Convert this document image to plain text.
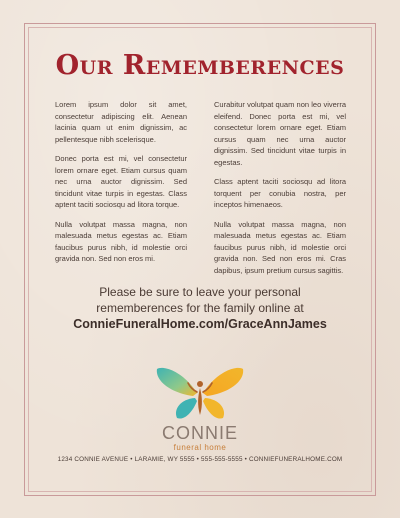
Our Rememberences

Lorem ipsum dolor sit amet, consectetur adipiscing elit. Aenean lacinia quam ut enim dignissim, ac pellentesque nibh scelerisque.

Donec porta est mi, vel consectetur lorem ornare eget. Etiam cursus quam nec urna auctor dignissim. Sed tincidunt vitae turpis in egestas. Class aptent taciti sociosqu ad litora torque.

Nulla volutpat massa magna, non malesuada metus egestas ac. Etiam faucibus purus nibh, id molestie orci gravida non. Sed non eros mi.

Curabitur volutpat quam non leo viverra eleifend. Donec porta est mi, vel consectetur lorem ornare eget. Etiam cursus quam nec urna auctor dignissim. Sed tincidunt vitae turpis in egestas.

Class aptent taciti sociosqu ad litora torquent per conubia nostra, per inceptos himenaeos.

Nulla volutpat massa magna, non malesuada metus egestas ac. Etiam faucibus purus nibh, id molestie orci gravida non. Sed non eros mi. Cras dapibus, ipsum pretium cursus sagittis.

Please be sure to leave your personal
rememberences for the family online at
ConnieFuneralHome.com/GraceAnnJames
CONNIE
funeral home
1234 CONNIE AVENUE • LARAMIE, WY 5555 • 555-555-5555 • CONNIEFUNERALHOME.COM
